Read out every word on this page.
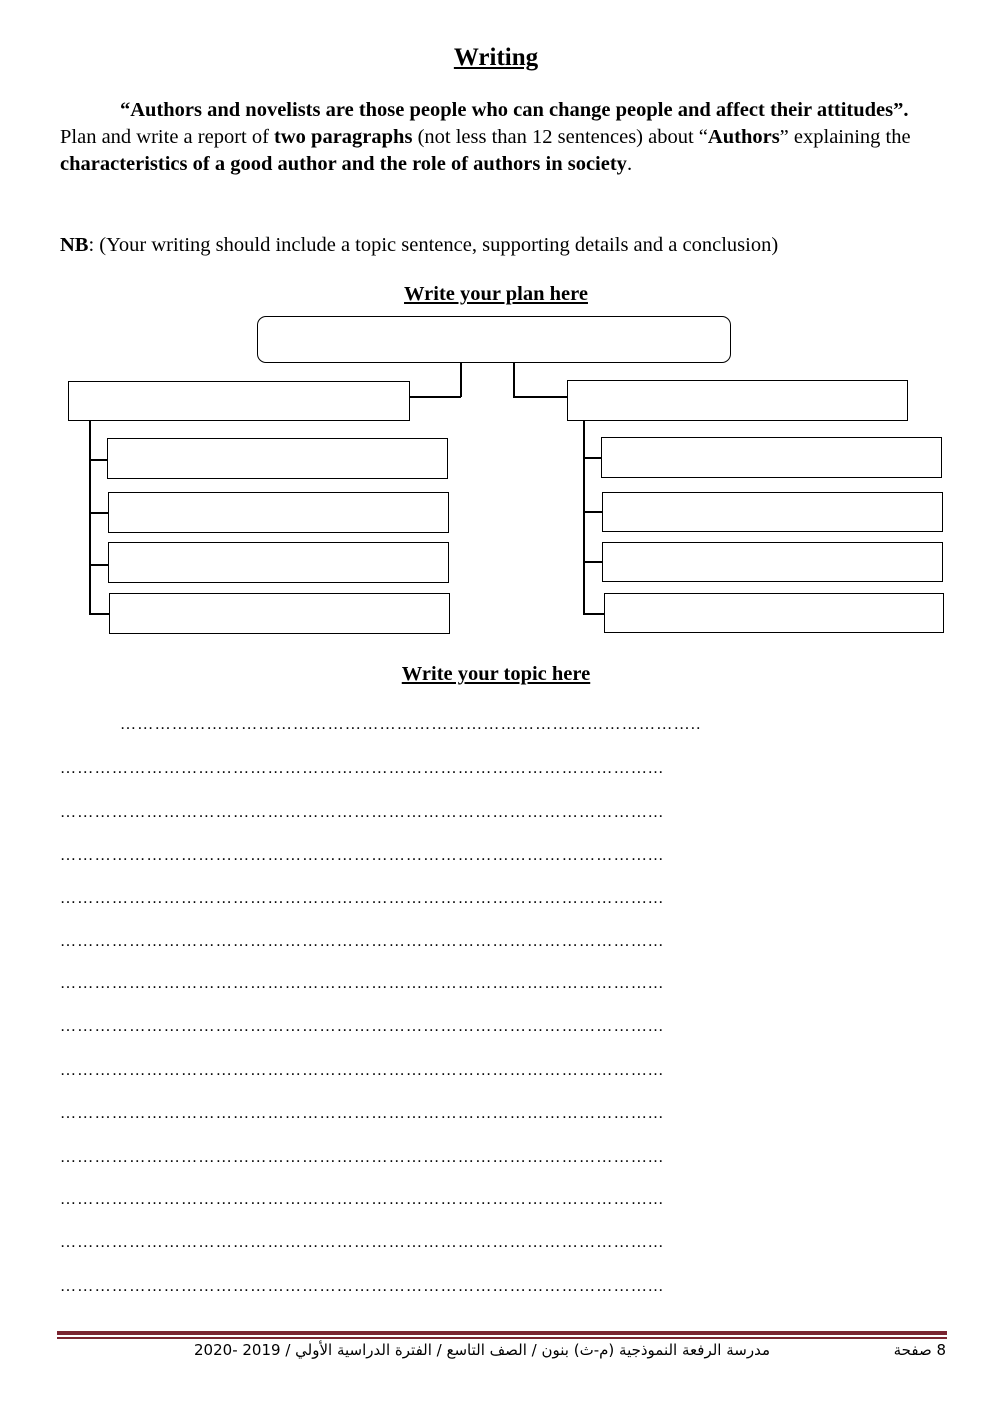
Writing
“Authors and novelists are those people who can change people and affect their attitudes”. Plan and write a report of two paragraphs (not less than 12 sentences) about “Authors” explaining the characteristics of a good author and the role of authors in society.
NB: (Your writing should include a topic sentence, supporting details and a conclusion)
Write your plan here
Write your topic here
………………………………………………………………………………………..
…………………………………………………………………………………………...
…………………………………………………………………………………………...
…………………………………………………………………………………………...
…………………………………………………………………………………………...
…………………………………………………………………………………………...
…………………………………………………………………………………………...
…………………………………………………………………………………………...
…………………………………………………………………………………………...
…………………………………………………………………………………………...
…………………………………………………………………………………………...
…………………………………………………………………………………………...
…………………………………………………………………………………………...
…………………………………………………………………………………………...
مدرسة الرفعة النموذجية (م-ث) بنون / الصف التاسع / الفترة الدراسية الأولي / 2019 -2020	8 صفحة
